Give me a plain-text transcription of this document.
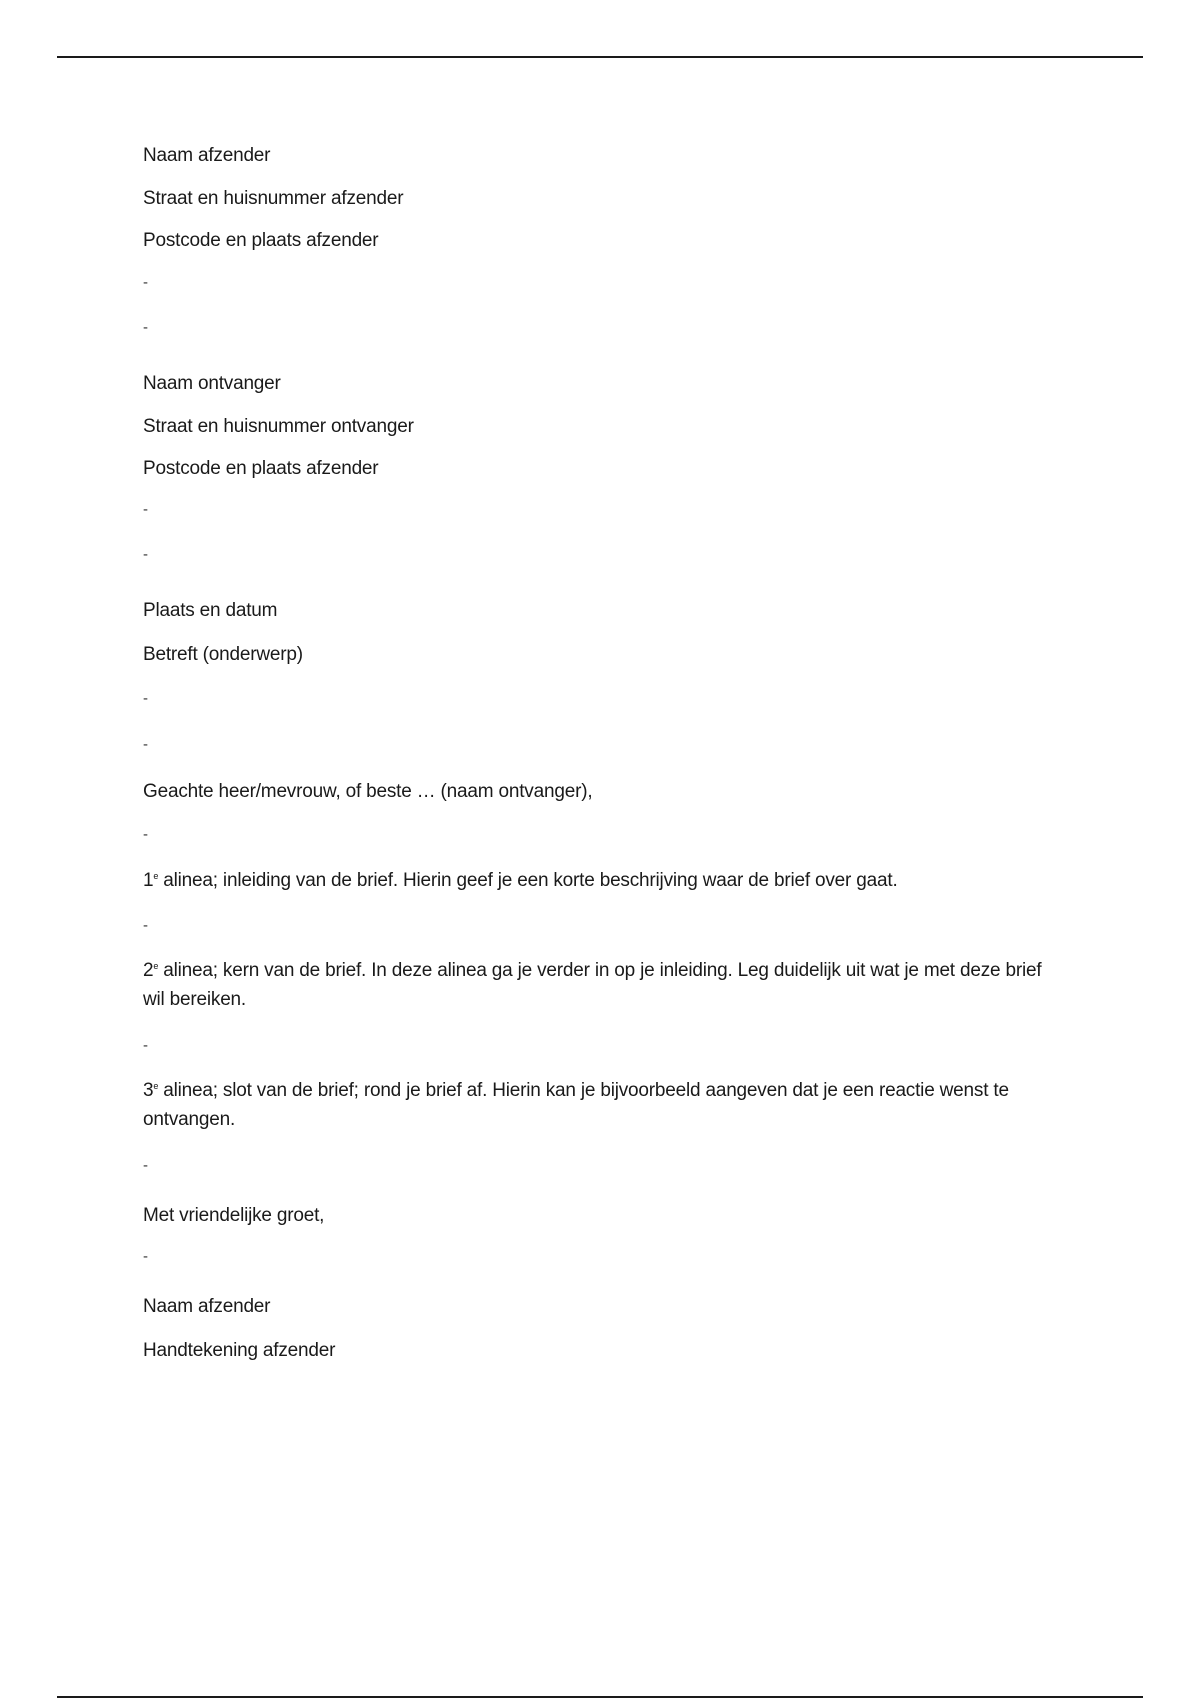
Naam afzender
Straat en huisnummer afzender
Postcode en plaats afzender
-
-
Naam ontvanger
Straat en huisnummer ontvanger
Postcode en plaats afzender
-
-
Plaats en datum
Betreft (onderwerp)
-
-
Geachte heer/mevrouw, of beste … (naam ontvanger),
-
1e alinea; inleiding van de brief. Hierin geef je een korte beschrijving waar de brief over gaat.
-
2e alinea; kern van de brief. In deze alinea ga je verder in op je inleiding. Leg duidelijk uit wat je met deze brief wil bereiken.
-
3e alinea; slot van de brief; rond je brief af. Hierin kan je bijvoorbeeld aangeven dat je een reactie wenst te ontvangen.
-
Met vriendelijke groet,
-
Naam afzender
Handtekening afzender
